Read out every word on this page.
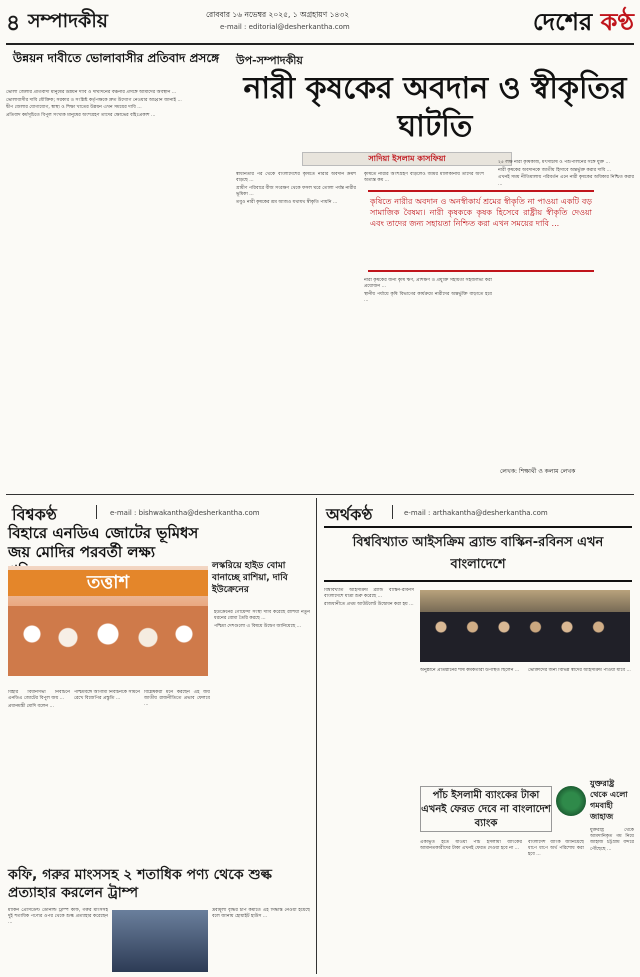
৪ সম্পাদকীয়	রোববার ১৬ নভেম্বর ২০২৫, ১ অগ্রহায়ণ ১৪৩২
e-mail : editorial@desherkantha.com	দেশের কণ্ঠ
উন্নয়ন দাবীতে ভোলাবাসীর প্রতিবাদ প্রসঙ্গে

ভোলা জেলার প্রতিবাদী মানুষের উন্নয়ন দাবি ও দীর্ঘদিনের বঞ্চনার প্রসঙ্গে আমাদের অবস্থান ...

ভোলাবাসীর দাবি যৌক্তিক; সরকার ও সংশ্লিষ্ট কর্তৃপক্ষকে দ্রুত উদ্যোগ নেওয়ার আহ্বান জানাই ...

দ্বীপ জেলার যোগাযোগ, স্বাস্থ্য ও শিক্ষা খাতের উন্নয়ন এখন সময়ের দাবি ...

প্রতিবাদ কর্মসূচিতে বিপুল সংখ্যক মানুষের অংশগ্রহণ তাদের ক্ষোভের বহিঃপ্রকাশ ...

উপ-সম্পাদকীয়
নারী কৃষকের অবদান ও স্বীকৃতির ঘাটতি
সাদিয়া ইসলাম কাসফিয়া

স্বাধীনতার পর থেকে বাংলাদেশের কৃষিতে নারীর অবদান ক্রমশ বাড়ছে ...

গ্রামীণ পরিবারে বীজ সংরক্ষণ থেকে ফসল ঘরে তোলা পর্যন্ত নারীর ভূমিকা ...

তবুও নারী কৃষকের শ্রম আজও যথাযথ স্বীকৃতি পায়নি ...

কৃষিতে নারীর অংশগ্রহণ বাড়লেও জমির মালিকানায় তাদের অংশ অত্যন্ত কম ...

কৃষিতে নারীর অবদান ও অনস্বীকার্য শ্রমের স্বীকৃতি না পাওয়া একটি বড় সামাজিক বৈষম্য। নারী কৃষককে কৃষক হিসেবে রাষ্ট্রীয় স্বীকৃতি দেওয়া এবং তাদের জন্য সহায়তা নিশ্চিত করা এখন সময়ের দাবি ...

নারী কৃষকের জন্য কৃষি ঋণ, প্রশিক্ষণ ও প্রযুক্তি সহায়তা সহজলভ্য করা প্রয়োজন ...

স্থানীয় পর্যায়ে কৃষি বিভাগের কার্যক্রমে নারীদের অন্তর্ভুক্তি বাড়াতে হবে ...

২৫ লক্ষ নারী কৃষিকাজ, মৎস্যচাষ ও পশুপালনের সঙ্গে যুক্ত ...

নারী কৃষকের অবদানকে জাতীয় হিসাবে অন্তর্ভুক্ত করার দাবি ...

এখনই সময় নীতিমালায় পরিবর্তন এনে নারী কৃষকের অধিকার নিশ্চিত করার ...

লেখক: শিক্ষার্থী ও কলাম লেখক
বিশ্বকণ্ঠ	e-mail : bishwakantha@desherkantha.com
বিহারে এনডিএ জোটের ভূমিধস জয় মোদির পরবর্তী লক্ষ্য
তত্তাশ
লস্করিয়ে হাইড বোমা বানাচ্ছে রাশিয়া, দাবি ইউক্রেনের

বিহার বিধানসভা নির্বাচনে এনডিএ জোটের বিপুল জয় ...

প্রধানমন্ত্রী মোদি বলেন ...

পশ্চিমবঙ্গে আগামী নির্বাচনকে সামনে রেখে বিজেপির প্রস্তুতি ...

বিশ্লেষকরা মনে করছেন এই জয় জাতীয় রাজনীতিতে প্রভাব ফেলবে ...

ইউক্রেনের গোয়েন্দা সংস্থা দাবি করেছে রাশিয়া নতুন ধরনের বোমা তৈরি করছে ...

পশ্চিমা দেশগুলো এ বিষয়ে উদ্বেগ জানিয়েছে ...

কফি, গরুর মাংসসহ ২ শতাধিক পণ্য থেকে শুল্ক প্রত্যাহার করলেন ট্রাম্প

মার্কিন প্রেসিডেন্ট ডোনাল্ড ট্রাম্প কফি, গরুর মাংসসহ দুই শতাধিক পণ্যের ওপর থেকে শুল্ক প্রত্যাহার করেছেন ...

দ্রব্যমূল্য বৃদ্ধির চাপ কমাতে এই সিদ্ধান্ত নেওয়া হয়েছে বলে জানায় হোয়াইট হাউস ...

অর্থকণ্ঠ	e-mail : arthakantha@desherkantha.com
বিশ্ববিখ্যাত আইসক্রিম ব্র্যান্ড বাস্কিন-রবিনস এখন বাংলাদেশে

বিশ্ববিখ্যাত আইসক্রিম ব্র্যান্ড বাস্কিন-রবিনস বাংলাদেশে যাত্রা শুরু করেছে ...

রাজধানীতে প্রথম আউটলেট উদ্বোধন করা হয় ...

অনুষ্ঠানে প্রতিষ্ঠানের শীর্ষ কর্মকর্তারা উপস্থিত ছিলেন ...	ভোক্তাদের জন্য বিভিন্ন স্বাদের আইসক্রিম পাওয়া যাবে ...

পাঁচ ইসলামী ব্যাংকের টাকা এখনই ফেরত দেবে না বাংলাদেশ ব্যাংক
যুক্তরাষ্ট্র থেকে এলো গমবাহী জাহাজ

একীভূত হতে যাওয়া পাঁচ ইসলামী ব্যাংকের আমানতকারীদের টাকা এখনই ফেরত দেওয়া হবে না ...

বাংলাদেশ ব্যাংক জানিয়েছে ধাপে ধাপে অর্থ পরিশোধ করা হবে ...

যুক্তরাষ্ট্র থেকে আমদানিকৃত গম নিয়ে জাহাজ চট্টগ্রাম বন্দরে পৌঁছেছে ...
